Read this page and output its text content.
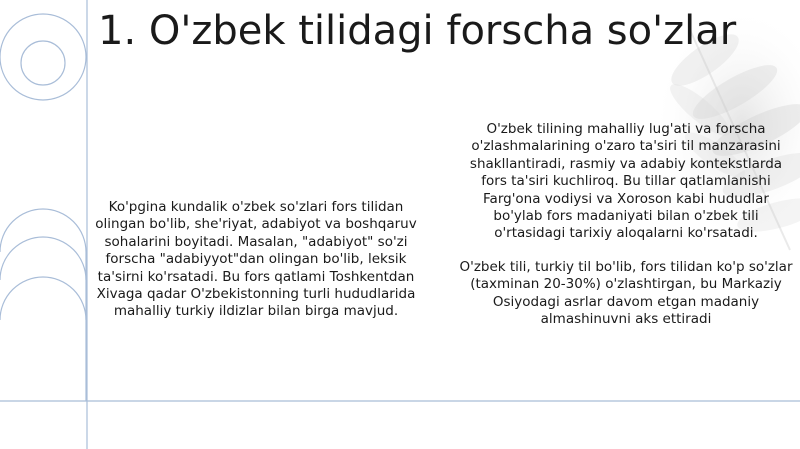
1. O'zbek tilidagi forscha so'zlar

Ko'pgina kundalik o'zbek so'zlari fors tilidan olingan bo'lib, she'riyat, adabiyot va boshqaruv sohalarini boyitadi. Masalan, "adabiyot" so'zi forscha "adabiyyot"dan olingan bo'lib, leksik ta'sirni ko'rsatadi. Bu fors qatlami Toshkentdan Xivaga qadar O'zbekistonning turli hududlarida mahalliy turkiy ildizlar bilan birga mavjud.

O'zbek tilining mahalliy lug'ati va forscha o'zlashmalarining o'zaro ta'siri til manzarasini shakllantiradi, rasmiy va adabiy kontekstlarda fors ta'siri kuchliroq. Bu tillar qatlamlanishi Farg'ona vodiysi va Xoroson kabi hududlar bo'ylab fors madaniyati bilan o'zbek tili o'rtasidagi tarixiy aloqalarni ko'rsatadi.

O'zbek tili, turkiy til bo'lib, fors tilidan ko'p so'zlar (taxminan 20-30%) o'zlashtirgan, bu Markaziy Osiyodagi asrlar davom etgan madaniy almashinuvni aks ettiradi
